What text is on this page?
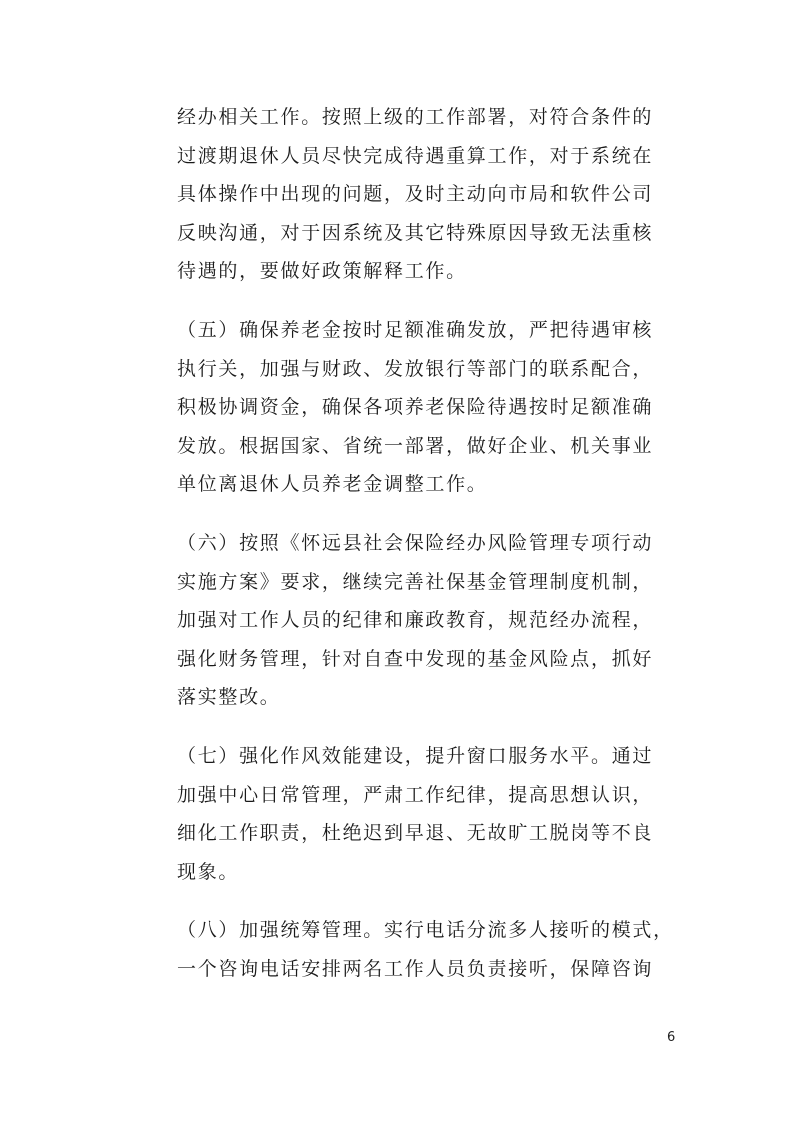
经办相关工作。按照上级的工作部署，对符合条件的
过渡期退休人员尽快完成待遇重算工作，对于系统在
具体操作中出现的问题，及时主动向市局和软件公司
反映沟通，对于因系统及其它特殊原因导致无法重核
待遇的，要做好政策解释工作。

（五）确保养老金按时足额准确发放，严把待遇审核
执行关，加强与财政、发放银行等部门的联系配合，
积极协调资金，确保各项养老保险待遇按时足额准确
发放。根据国家、省统一部署，做好企业、机关事业
单位离退休人员养老金调整工作。

（六）按照《怀远县社会保险经办风险管理专项行动
实施方案》要求，继续完善社保基金管理制度机制，
加强对工作人员的纪律和廉政教育，规范经办流程，
强化财务管理，针对自查中发现的基金风险点，抓好
落实整改。

（七）强化作风效能建设，提升窗口服务水平。通过
加强中心日常管理，严肃工作纪律，提高思想认识，
细化工作职责，杜绝迟到早退、无故旷工脱岗等不良
现象。

（八）加强统筹管理。实行电话分流多人接听的模式，
一个咨询电话安排两名工作人员负责接听，保障咨询

6
